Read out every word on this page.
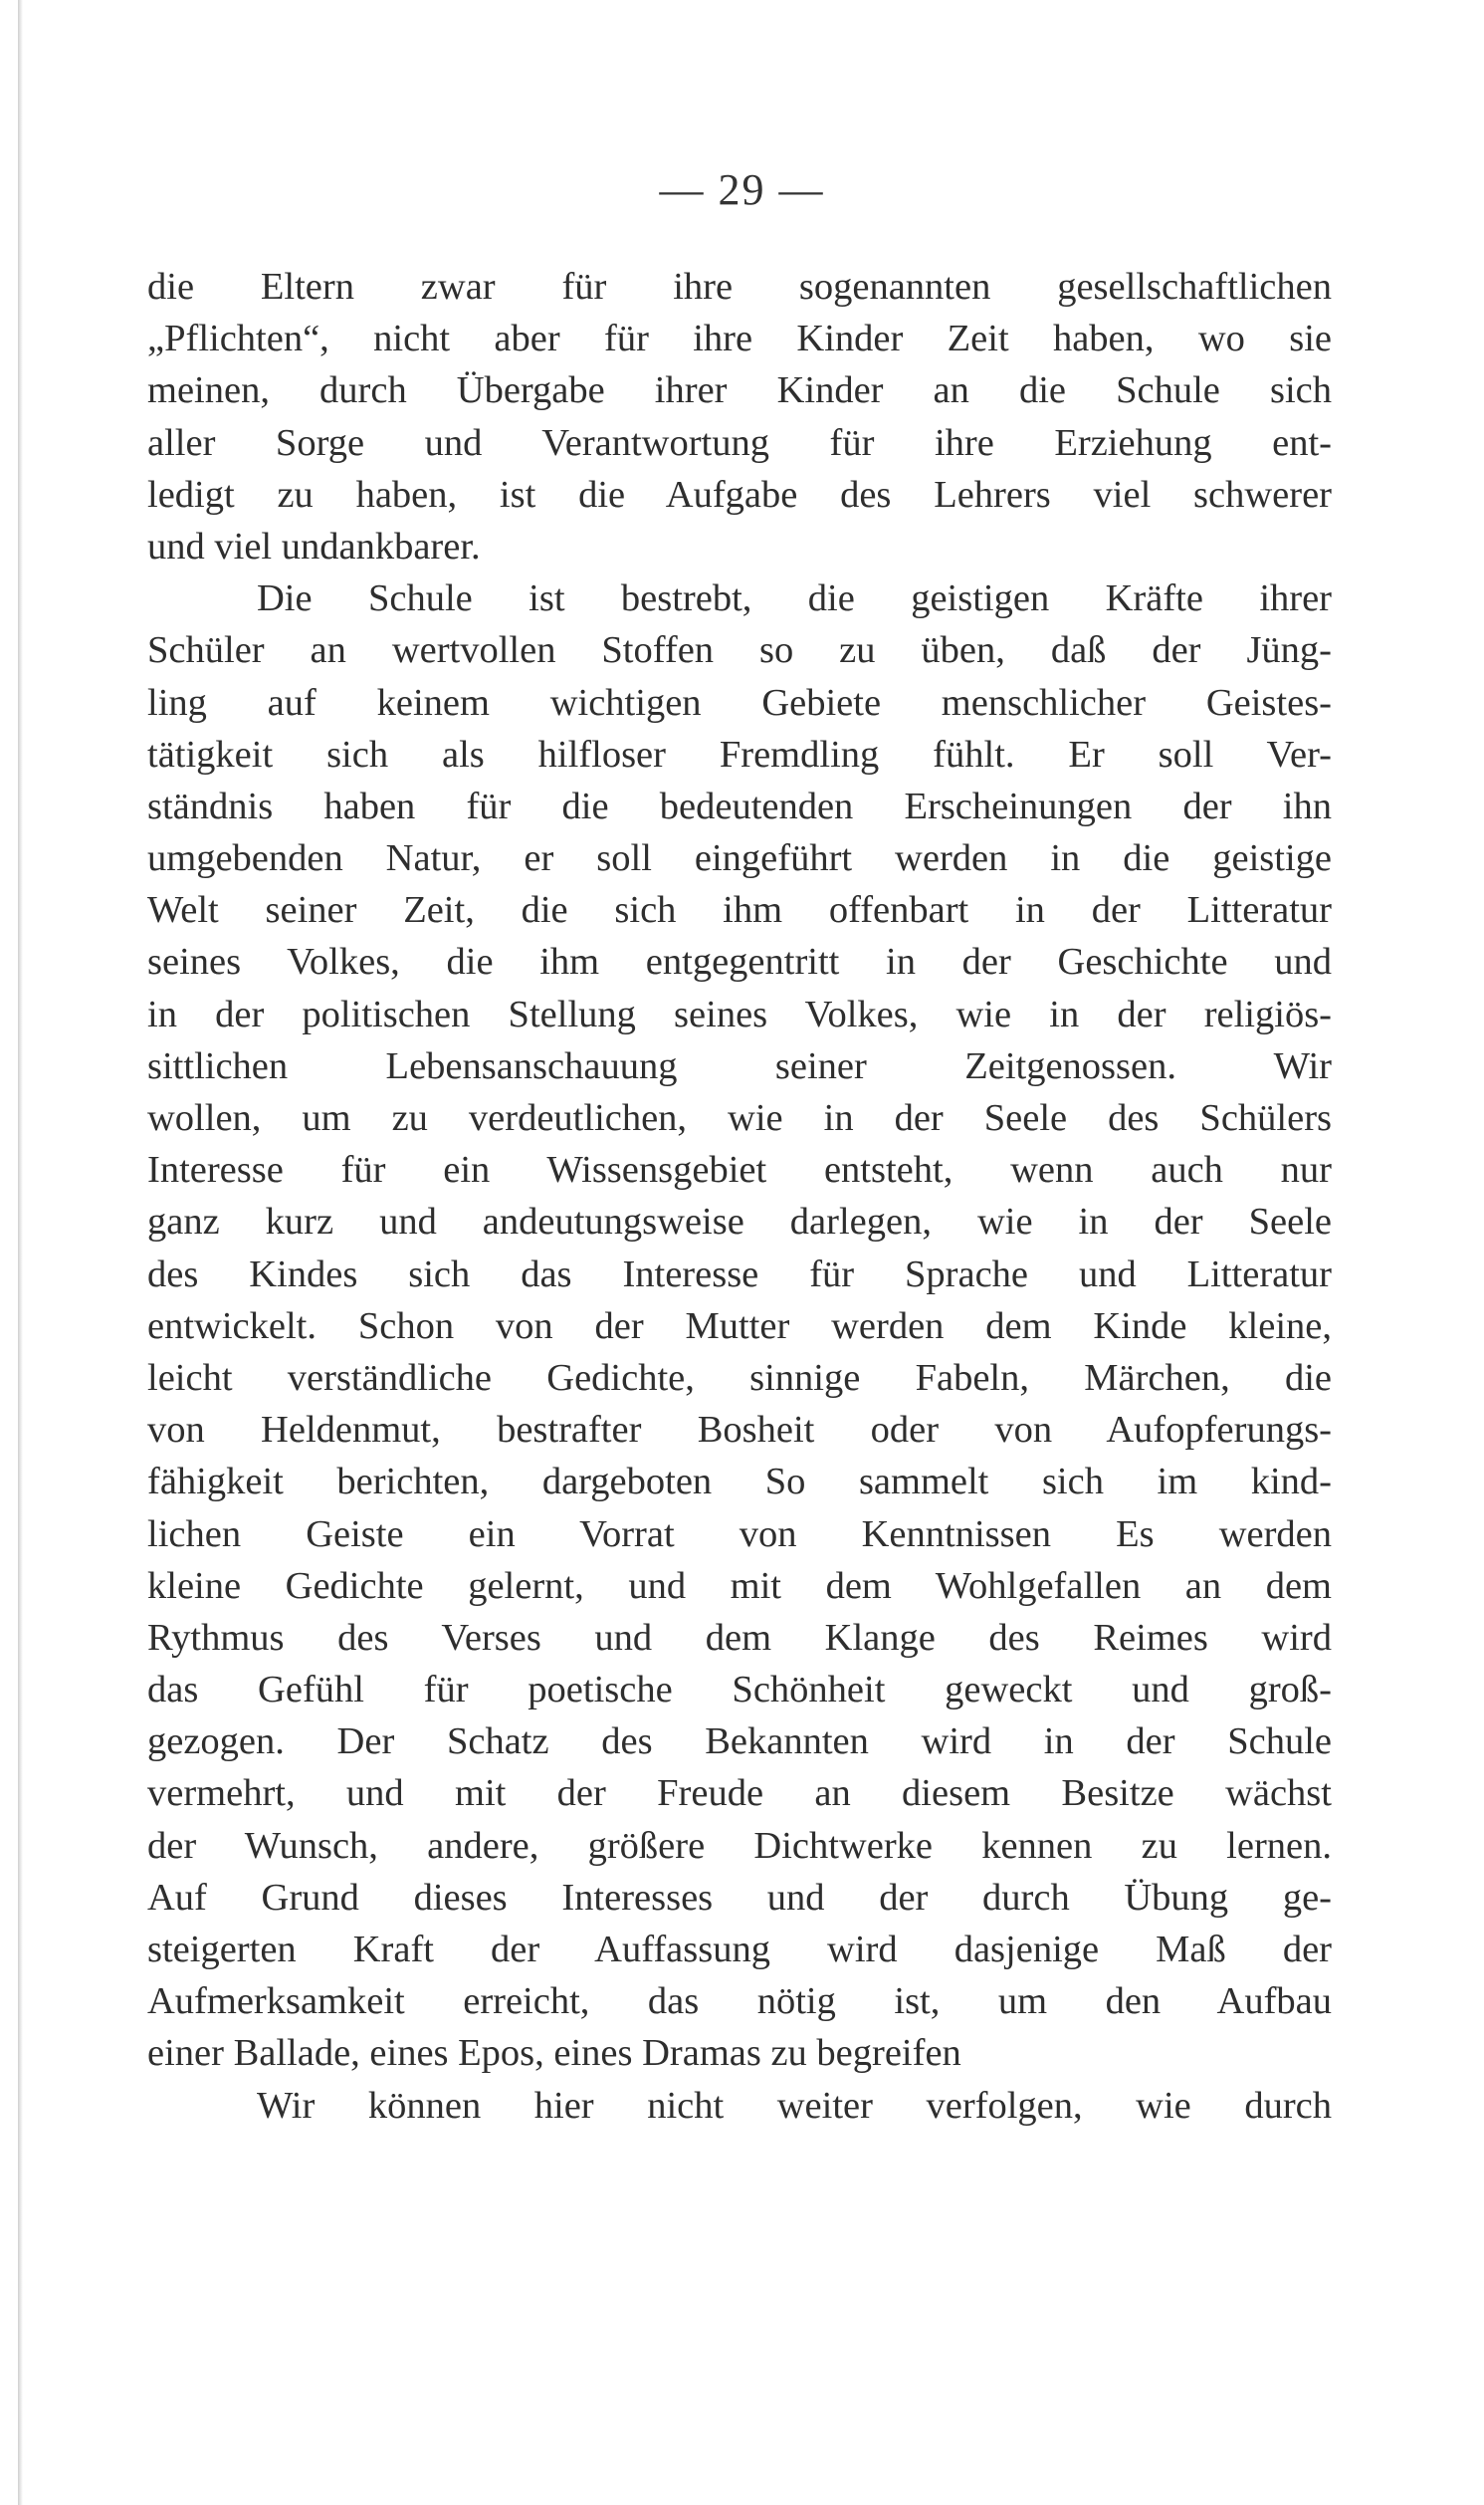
— 29 —
die Eltern zwar für ihre sogenannten gesellschaftlichen
„Pflichten“, nicht aber für ihre Kinder Zeit haben, wo sie
meinen, durch Übergabe ihrer Kinder an die Schule sich
aller Sorge und Verantwortung für ihre Erziehung ent-
ledigt zu haben, ist die Aufgabe des Lehrers viel schwerer
und viel undankbarer.
Die Schule ist bestrebt, die geistigen Kräfte ihrer
Schüler an wertvollen Stoffen so zu üben, daß der Jüng-
ling auf keinem wichtigen Gebiete menschlicher Geistes-
tätigkeit sich als hilfloser Fremdling fühlt. Er soll Ver-
ständnis haben für die bedeutenden Erscheinungen der ihn
umgebenden Natur, er soll eingeführt werden in die geistige
Welt seiner Zeit, die sich ihm offenbart in der Litteratur
seines Volkes, die ihm entgegentritt in der Geschichte und
in der politischen Stellung seines Volkes, wie in der religiös-
sittlichen Lebensanschauung seiner Zeitgenossen. Wir
wollen, um zu verdeutlichen, wie in der Seele des Schülers
Interesse für ein Wissensgebiet entsteht, wenn auch nur
ganz kurz und andeutungsweise darlegen, wie in der Seele
des Kindes sich das Interesse für Sprache und Litteratur
entwickelt. Schon von der Mutter werden dem Kinde kleine,
leicht verständliche Gedichte, sinnige Fabeln, Märchen, die
von Heldenmut, bestrafter Bosheit oder von Aufopferungs-
fähigkeit berichten, dargeboten So sammelt sich im kind-
lichen Geiste ein Vorrat von Kenntnissen Es werden
kleine Gedichte gelernt, und mit dem Wohlgefallen an dem
Rythmus des Verses und dem Klange des Reimes wird
das Gefühl für poetische Schönheit geweckt und groß-
gezogen. Der Schatz des Bekannten wird in der Schule
vermehrt, und mit der Freude an diesem Besitze wächst
der Wunsch, andere, größere Dichtwerke kennen zu lernen.
Auf Grund dieses Interesses und der durch Übung ge-
steigerten Kraft der Auffassung wird dasjenige Maß der
Aufmerksamkeit erreicht, das nötig ist, um den Aufbau
einer Ballade, eines Epos, eines Dramas zu begreifen
Wir können hier nicht weiter verfolgen, wie durch
